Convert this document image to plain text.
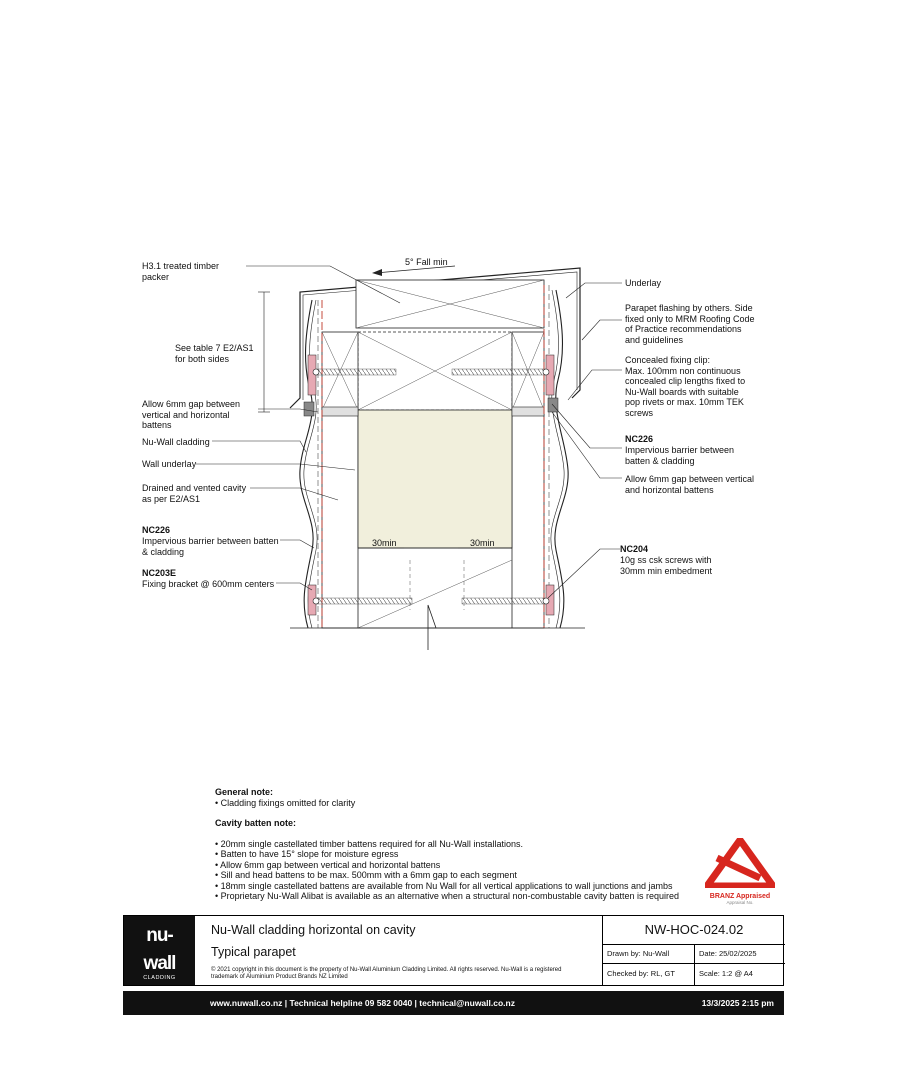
5° Fall min
30min	30min
H3.1 treated timber
packer
See table 7 E2/AS1
for both sides
Allow 6mm gap between
vertical and horizontal
battens
Nu-Wall cladding
Wall underlay
Drained and vented cavity
as per E2/AS1
NC226
Impervious barrier between batten
& cladding
NC203E
Fixing bracket @ 600mm centers
Underlay
Parapet flashing by others. Side
fixed only to MRM Roofing Code
of Practice recommendations
and guidelines
Concealed fixing clip:
Max. 100mm non continuous
concealed clip lengths fixed to
Nu-Wall boards with suitable
pop rivets or max. 10mm TEK
screws
NC226
Impervious barrier between
batten & cladding
Allow 6mm gap between vertical
and horizontal battens
NC204
10g ss csk screws with
30mm min embedment
General note:
• Cladding fixings omitted for clarity
Cavity batten note:
• 20mm single castellated timber battens required for all Nu-Wall installations.
• Batten to have 15° slope for moisture egress
• Allow 6mm gap between vertical and horizontal battens
• Sill and head battens to be max. 500mm with a 6mm gap to each segment
• 18mm single castellated battens are available from Nu Wall for all vertical applications to wall junctions and jambs
• Proprietary Nu-Wall Alibat is available as an alternative when a structural non-combustable cavity batten is required	BRANZ Appraised
Appraisal No.
nu-
wall
CLADDING
Nu-Wall cladding horizontal on cavity
Typical parapet
© 2021 copyright in this document is the property of Nu-Wall Aluminium Cladding Limited. All rights reserved. Nu-Wall is a registered trademark of Aluminium Product Brands NZ Limited
NW-HOC-024.02
Drawn by: Nu-Wall	Date: 25/02/2025
Checked by: RL, GT	Scale: 1:2 @ A4
www.nuwall.co.nz | Technical helpline 09 582 0040 | technical@nuwall.co.nz	13/3/2025 2:15 pm
